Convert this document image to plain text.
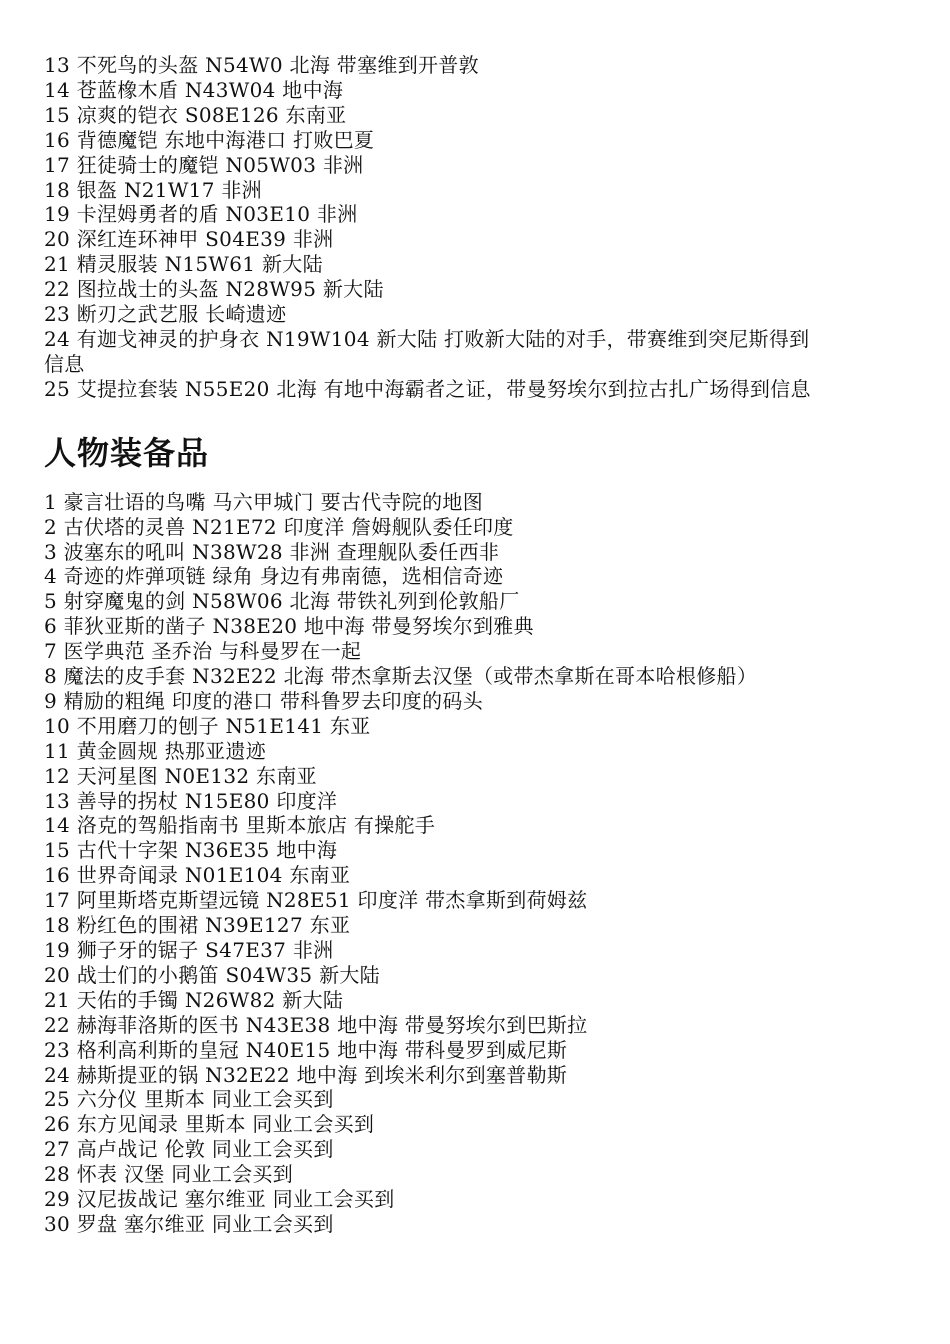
13 不死鸟的头盔 N54W0 北海 带塞维到开普敦
14 苍蓝橡木盾 N43W04 地中海
15 凉爽的铠衣 S08E126 东南亚
16 背德魔铠 东地中海港口 打败巴夏
17 狂徒骑士的魔铠 N05W03 非洲
18 银盔 N21W17 非洲
19 卡涅姆勇者的盾 N03E10 非洲
20 深红连环神甲 S04E39 非洲
21 精灵服装 N15W61 新大陆
22 图拉战士的头盔 N28W95 新大陆
23 断刃之武艺服 长崎遗迹
24 有迦戈神灵的护身衣 N19W104 新大陆 打败新大陆的对手，带赛维到突尼斯得到信息
25 艾提拉套装 N55E20 北海 有地中海霸者之证，带曼努埃尔到拉古扎广场得到信息
人物装备品
1 豪言壮语的鸟嘴 马六甲城门 要古代寺院的地图
2 古伏塔的灵兽 N21E72 印度洋 詹姆舰队委任印度
3 波塞东的吼叫 N38W28 非洲 查理舰队委任西非
4 奇迹的炸弹项链 绿角 身边有弗南德，选相信奇迹
5 射穿魔鬼的剑 N58W06 北海 带铁礼列到伦敦船厂
6 菲狄亚斯的凿子 N38E20 地中海 带曼努埃尔到雅典
7 医学典范 圣乔治 与科曼罗在一起
8 魔法的皮手套 N32E22 北海 带杰拿斯去汉堡（或带杰拿斯在哥本哈根修船）
9 精励的粗绳 印度的港口 带科鲁罗去印度的码头
10 不用磨刀的刨子 N51E141 东亚
11 黄金圆规 热那亚遗迹
12 天河星图 N0E132 东南亚
13 善导的拐杖 N15E80 印度洋
14 洛克的驾船指南书 里斯本旅店 有操舵手
15 古代十字架 N36E35 地中海
16 世界奇闻录 N01E104 东南亚
17 阿里斯塔克斯望远镜 N28E51 印度洋 带杰拿斯到荷姆兹
18 粉红色的围裙 N39E127 东亚
19 狮子牙的锯子 S47E37 非洲
20 战士们的小鹅笛 S04W35 新大陆
21 天佑的手镯 N26W82 新大陆
22 赫海菲洛斯的医书 N43E38 地中海 带曼努埃尔到巴斯拉
23 格利高利斯的皇冠 N40E15 地中海 带科曼罗到威尼斯
24 赫斯提亚的锅 N32E22 地中海 到埃米利尔到塞普勒斯
25 六分仪 里斯本 同业工会买到
26 东方见闻录 里斯本 同业工会买到
27 高卢战记 伦敦 同业工会买到
28 怀表 汉堡 同业工会买到
29 汉尼拔战记 塞尔维亚 同业工会买到
30 罗盘 塞尔维亚 同业工会买到
